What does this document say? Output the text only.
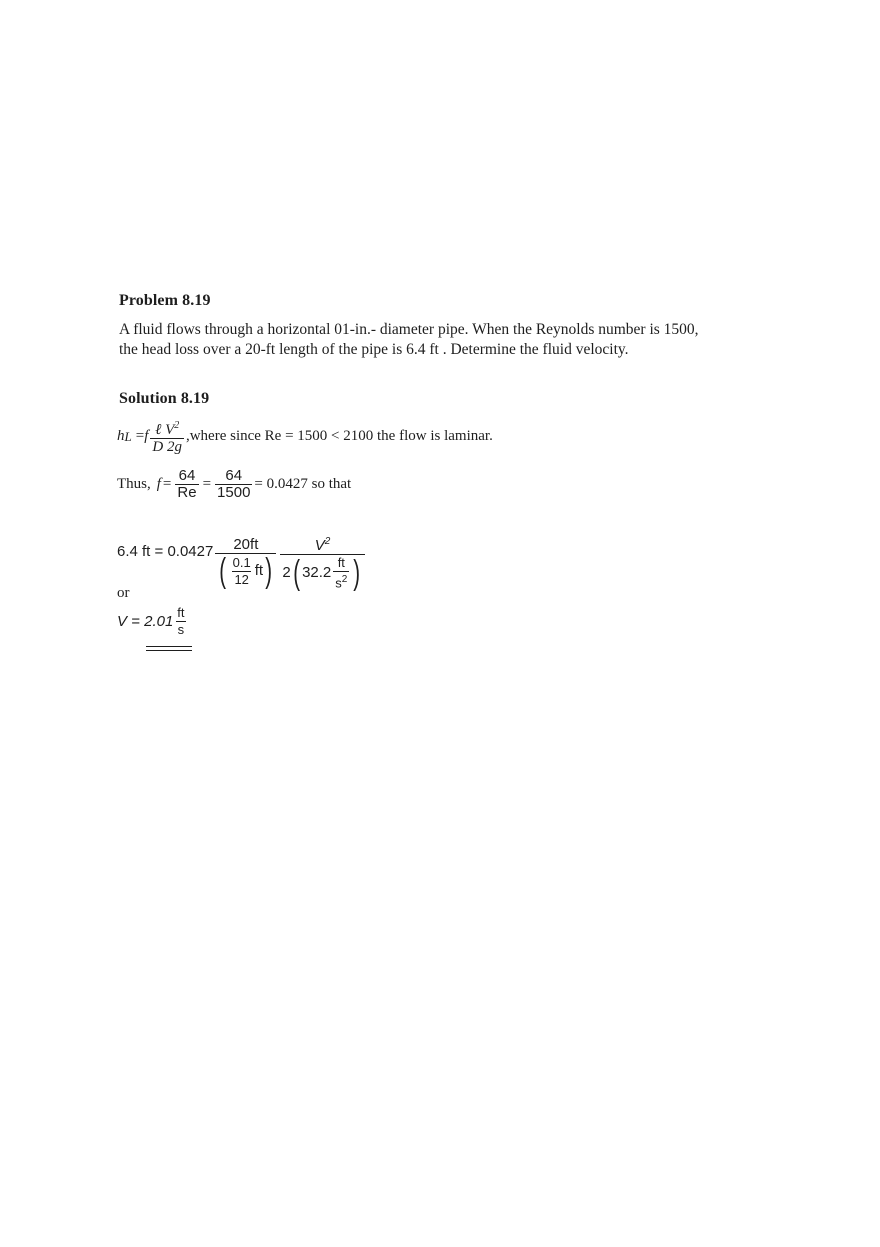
Problem 8.19
A fluid flows through a horizontal 01-in.- diameter pipe. When the Reynolds number is 1500,
the head loss over a 20-ft length of the pipe is 6.4 ft . Determine the fluid velocity.
Solution 8.19
h L = f $\frac{\ell V^2}{D 2g}$ ,where since Re = 1500 < 2100 the flow is laminar.
Thus, $f = \frac{64}{Re} = \frac{64}{1500} = 0.0427$ so that
6.4 ft = 0.0427 20ft
( $\frac{0.1}{12}$ ft )
$V^2$
2 ( $32.2 \frac{ft}{s^2}$ )
or
$V = 2.01 \frac{ft}{s}$
